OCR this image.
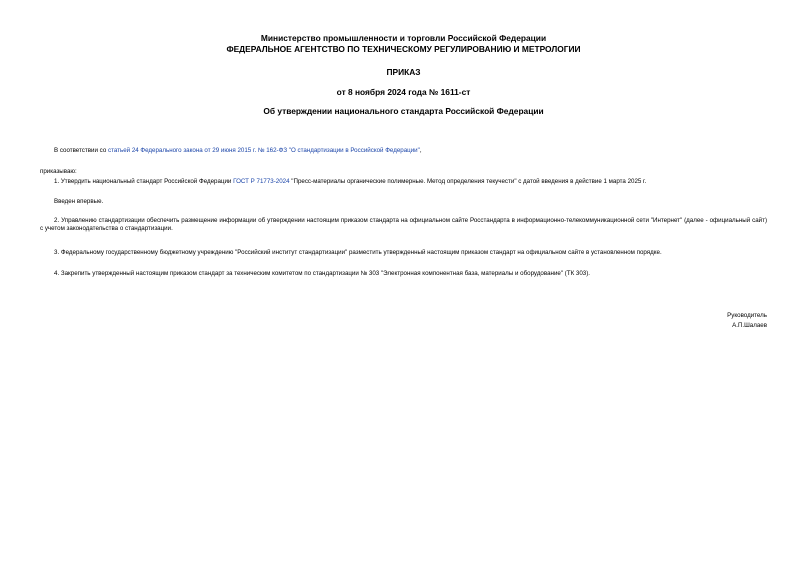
Министерство промышленности и торговли Российской Федерации
ФЕДЕРАЛЬНОЕ АГЕНТСТВО ПО ТЕХНИЧЕСКОМУ РЕГУЛИРОВАНИЮ И МЕТРОЛОГИИ
ПРИКАЗ
от 8 ноября 2024 года № 1611-ст
Об утверждении национального стандарта Российской Федерации
В соответствии со статьей 24 Федерального закона от 29 июня 2015 г. № 162-ФЗ "О стандартизации в Российской Федерации",
приказываю:
1. Утвердить национальный стандарт Российской Федерации ГОСТ Р 71773-2024 "Пресс-материалы органические полимерные. Метод определения текучести" с датой введения в действие 1 марта 2025 г.
Введен впервые.
2. Управлению стандартизации обеспечить размещение информации об утверждении настоящим приказом стандарта на официальном сайте Росстандарта в информационно-телекоммуникационной сети "Интернет" (далее - официальный сайт) с учетом законодательства о стандартизации.
3. Федеральному государственному бюджетному учреждению "Российский институт стандартизации" разместить утвержденный настоящим приказом стандарт на официальном сайте в установленном порядке.
4. Закрепить утвержденный настоящим приказом стандарт за техническим комитетом по стандартизации № 303 "Электронная компонентная база, материалы и оборудование" (ТК 303).
Руководитель
А.П.Шалаев
